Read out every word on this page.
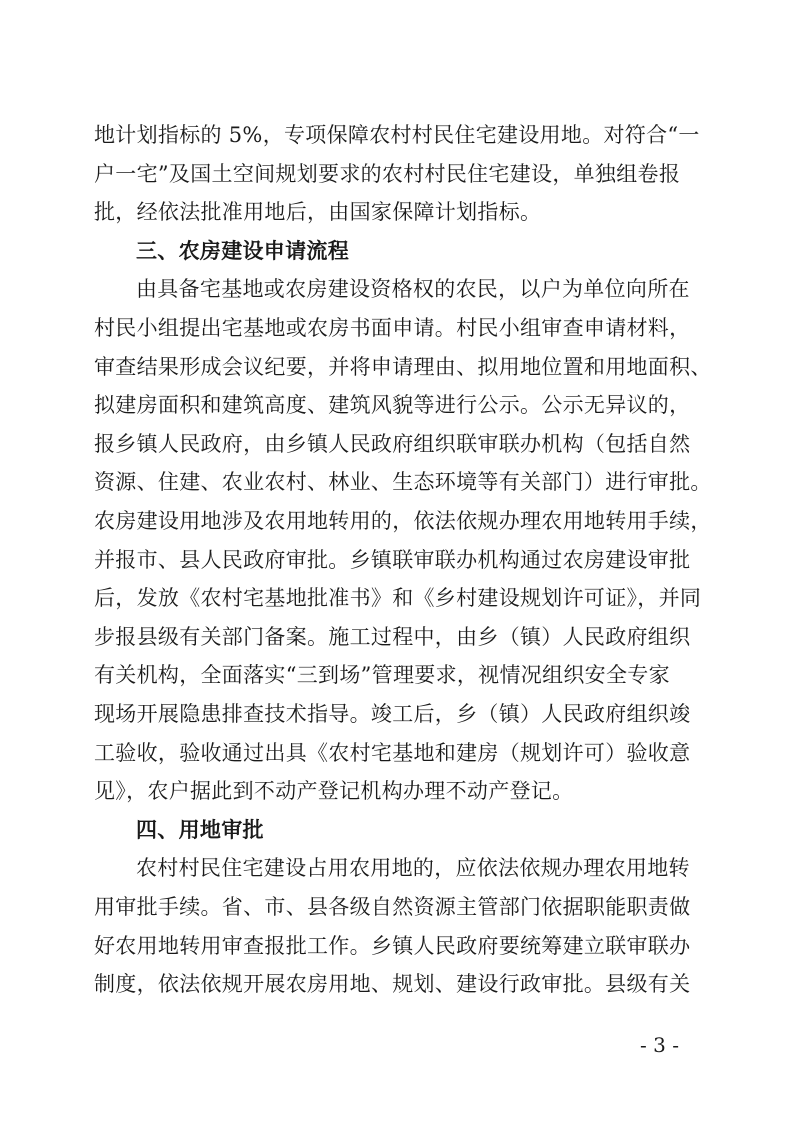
地计划指标的 5%，专项保障农村村民住宅建设用地。对符合“一
户一宅”及国土空间规划要求的农村村民住宅建设，单独组卷报
批，经依法批准用地后，由国家保障计划指标。
三、农房建设申请流程
由具备宅基地或农房建设资格权的农民，以户为单位向所在
村民小组提出宅基地或农房书面申请。村民小组审查申请材料，
审查结果形成会议纪要，并将申请理由、拟用地位置和用地面积、
拟建房面积和建筑高度、建筑风貌等进行公示。公示无异议的，
报乡镇人民政府，由乡镇人民政府组织联审联办机构（包括自然
资源、住建、农业农村、林业、生态环境等有关部门）进行审批。
农房建设用地涉及农用地转用的，依法依规办理农用地转用手续，
并报市、县人民政府审批。乡镇联审联办机构通过农房建设审批
后，发放《农村宅基地批准书》和《乡村建设规划许可证》，并同
步报县级有关部门备案。施工过程中，由乡（镇）人民政府组织
有关机构，全面落实“三到场”管理要求，视情况组织安全专家
现场开展隐患排查技术指导。竣工后，乡（镇）人民政府组织竣
工验收，验收通过出具《农村宅基地和建房（规划许可）验收意
见》，农户据此到不动产登记机构办理不动产登记。
四、用地审批
农村村民住宅建设占用农用地的，应依法依规办理农用地转
用审批手续。省、市、县各级自然资源主管部门依据职能职责做
好农用地转用审查报批工作。乡镇人民政府要统筹建立联审联办
制度，依法依规开展农房用地、规划、建设行政审批。县级有关
- 3 -
